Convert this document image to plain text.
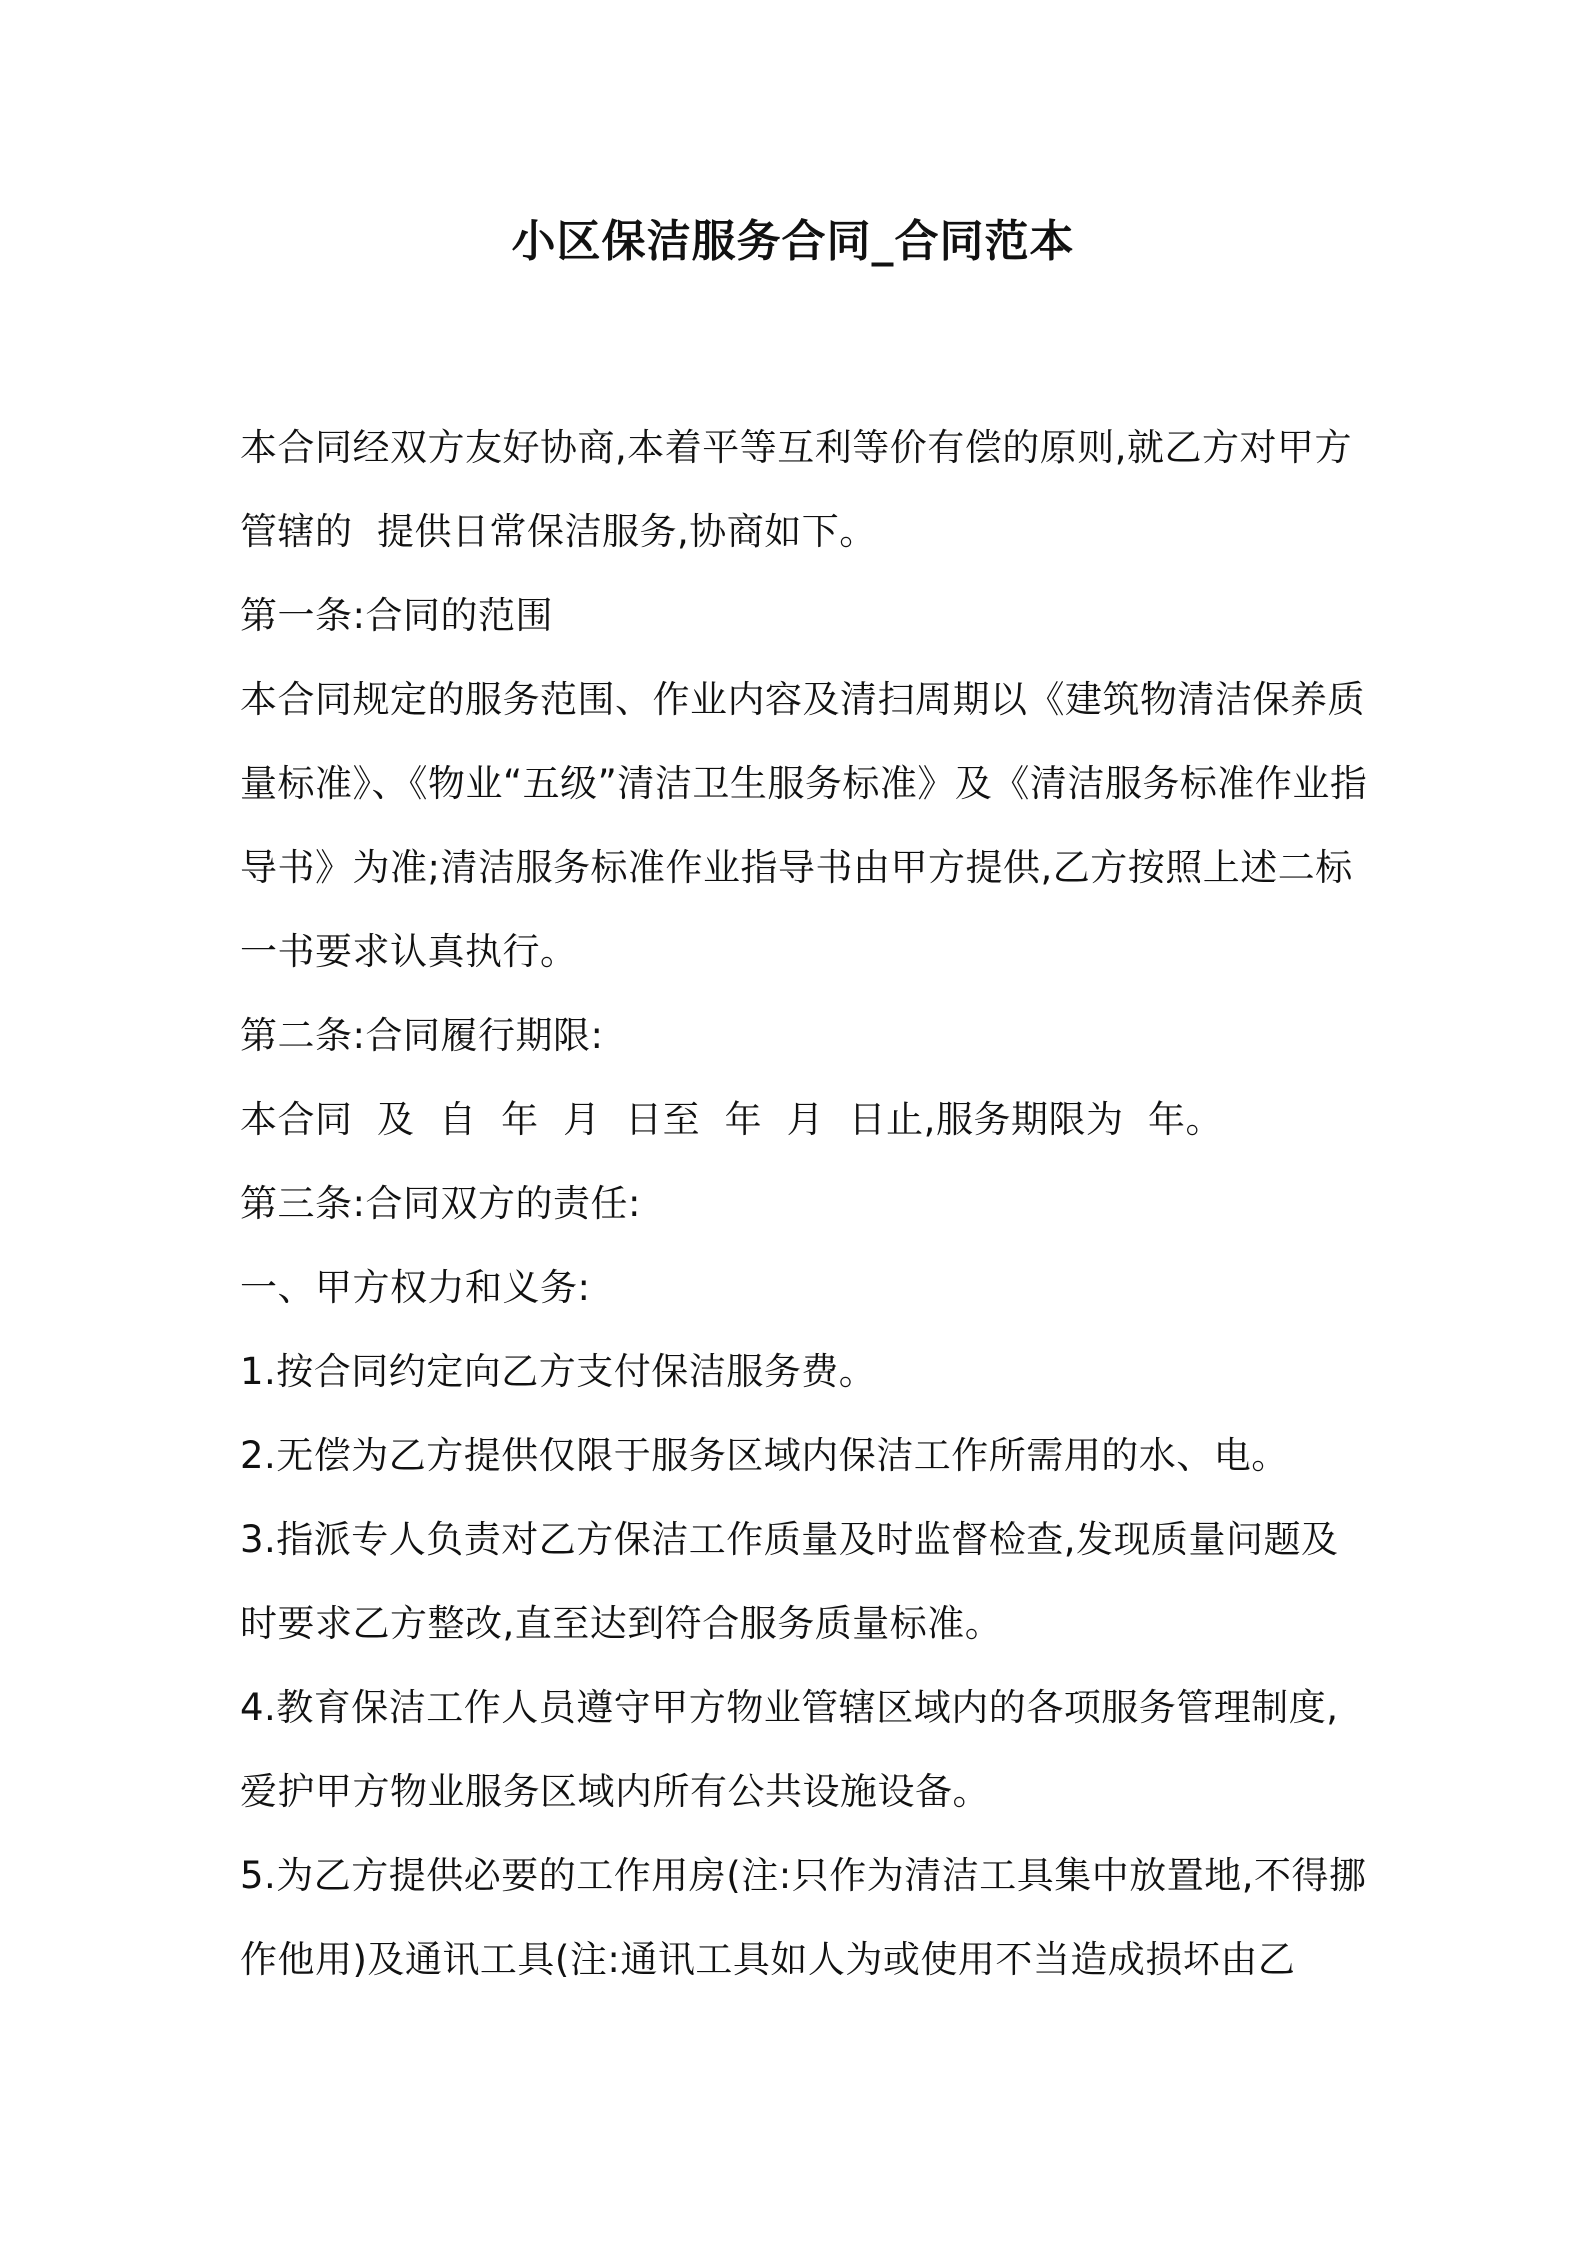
小区保洁服务合同_合同范本

本合同经双方友好协商,本着平等互利等价有偿的原则,就乙方对甲方管辖的  提供日常保洁服务,协商如下。

第一条:合同的范围

本合同规定的服务范围、作业内容及清扫周期以《建筑物清洁保养质量标准》、《物业“五级”清洁卫生服务标准》及《清洁服务标准作业指导书》为准;清洁服务标准作业指导书由甲方提供,乙方按照上述二标一书要求认真执行。

第二条:合同履行期限:

本合同  及  自  年  月  日至  年  月  日止,服务期限为  年。

第三条:合同双方的责任:

一、甲方权力和义务:

1.按合同约定向乙方支付保洁服务费。

2.无偿为乙方提供仅限于服务区域内保洁工作所需用的水、电。

3.指派专人负责对乙方保洁工作质量及时监督检查,发现质量问题及时要求乙方整改,直至达到符合服务质量标准。

4.教育保洁工作人员遵守甲方物业管辖区域内的各项服务管理制度,爱护甲方物业服务区域内所有公共设施设备。

5.为乙方提供必要的工作用房(注:只作为清洁工具集中放置地,不得挪作他用)及通讯工具(注:通讯工具如人为或使用不当造成损坏由乙
